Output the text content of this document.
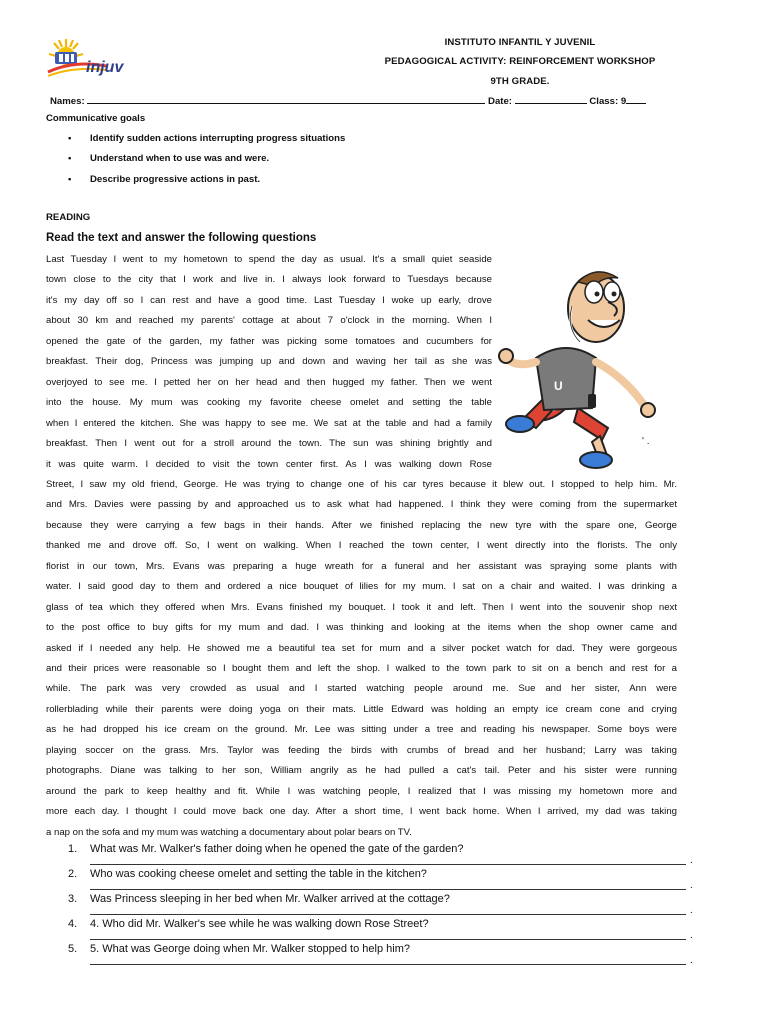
injuv
INSTITUTO INFANTIL Y JUVENIL
PEDAGOGICAL ACTIVITY: REINFORCEMENT WORKSHOP
9TH GRADE.
Names:	Date:	Class: 9
Communicative goals
• Identify sudden actions interrupting progress situations
• Understand when to use was and were.
• Describe progressive actions in past.
READING
Read the text and answer the following questions
Last Tuesday I went to my hometown to spend the day as usual. It's a small quiet seaside
town close to the city that I work and live in. I always look forward to Tuesdays because
it's my day off so I can rest and have a good time. Last Tuesday I woke up early, drove
about 30 km and reached my parents' cottage at about 7 o'clock in the morning. When I
opened the gate of the garden, my father was picking some tomatoes and cucumbers for
breakfast. Their dog, Princess was jumping up and down and waving her tail as she was
overjoyed to see me. I petted her on her head and then hugged my father. Then we went
into the house. My mum was cooking my favorite cheese omelet and setting the table
when I entered the kitchen. She was happy to see me. We sat at the table and had a family
breakfast. Then I went out for a stroll around the town. The sun was shining brightly and
it was quite warm. I decided to visit the town center first. As I was walking down Rose
Street, I saw my old friend, George. He was trying to change one of his car tyres because it blew out. I stopped to help him. Mr.
and Mrs. Davies were passing by and approached us to ask what had happened. I think they were coming from the supermarket
because they were carrying a few bags in their hands. After we finished replacing the new tyre with the spare one, George
thanked me and drove off. So, I went on walking. When I reached the town center, I went directly into the florists. The only
florist in our town, Mrs. Evans was preparing a huge wreath for a funeral and her assistant was spraying some plants with
water. I said good day to them and ordered a nice bouquet of lilies for my mum. I sat on a chair and waited. I was drinking a
glass of tea which they offered when Mrs. Evans finished my bouquet. I took it and left. Then I went into the souvenir shop next
to the post office to buy gifts for my mum and dad. I was thinking and looking at the items when the shop owner came and
asked if I needed any help. He showed me a beautiful tea set for mum and a silver pocket watch for dad. They were gorgeous
and their prices were reasonable so I bought them and left the shop. I walked to the town park to sit on a bench and rest for a
while. The park was very crowded as usual and I started watching people around me. Sue and her sister, Ann were
rollerblading while their parents were doing yoga on their mats. Little Edward was holding an empty ice cream cone and crying
as he had dropped his ice cream on the ground. Mr. Lee was sitting under a tree and reading his newspaper. Some boys were
playing soccer on the grass. Mrs. Taylor was feeding the birds with crumbs of bread and her husband; Larry was taking
photographs. Diane was talking to her son, William angrily as he had pulled a cat's tail. Peter and his sister were running
around the park to keep healthy and fit. While I was watching people, I realized that I was missing my hometown more and
more each day. I thought I could move back one day. After a short time, I went back home. When I arrived, my dad was taking
a nap on the sofa and my mum was watching a documentary about polar bears on TV.
U
' .
1. What was Mr. Walker's father doing when he opened the gate of the garden?
.
2. Who was cooking cheese omelet and setting the table in the kitchen?
.
3. Was Princess sleeping in her bed when Mr. Walker arrived at the cottage?
.
4. 4. Who did Mr. Walker's see while he was walking down Rose Street?
.
5. 5. What was George doing when Mr. Walker stopped to help him?
.
